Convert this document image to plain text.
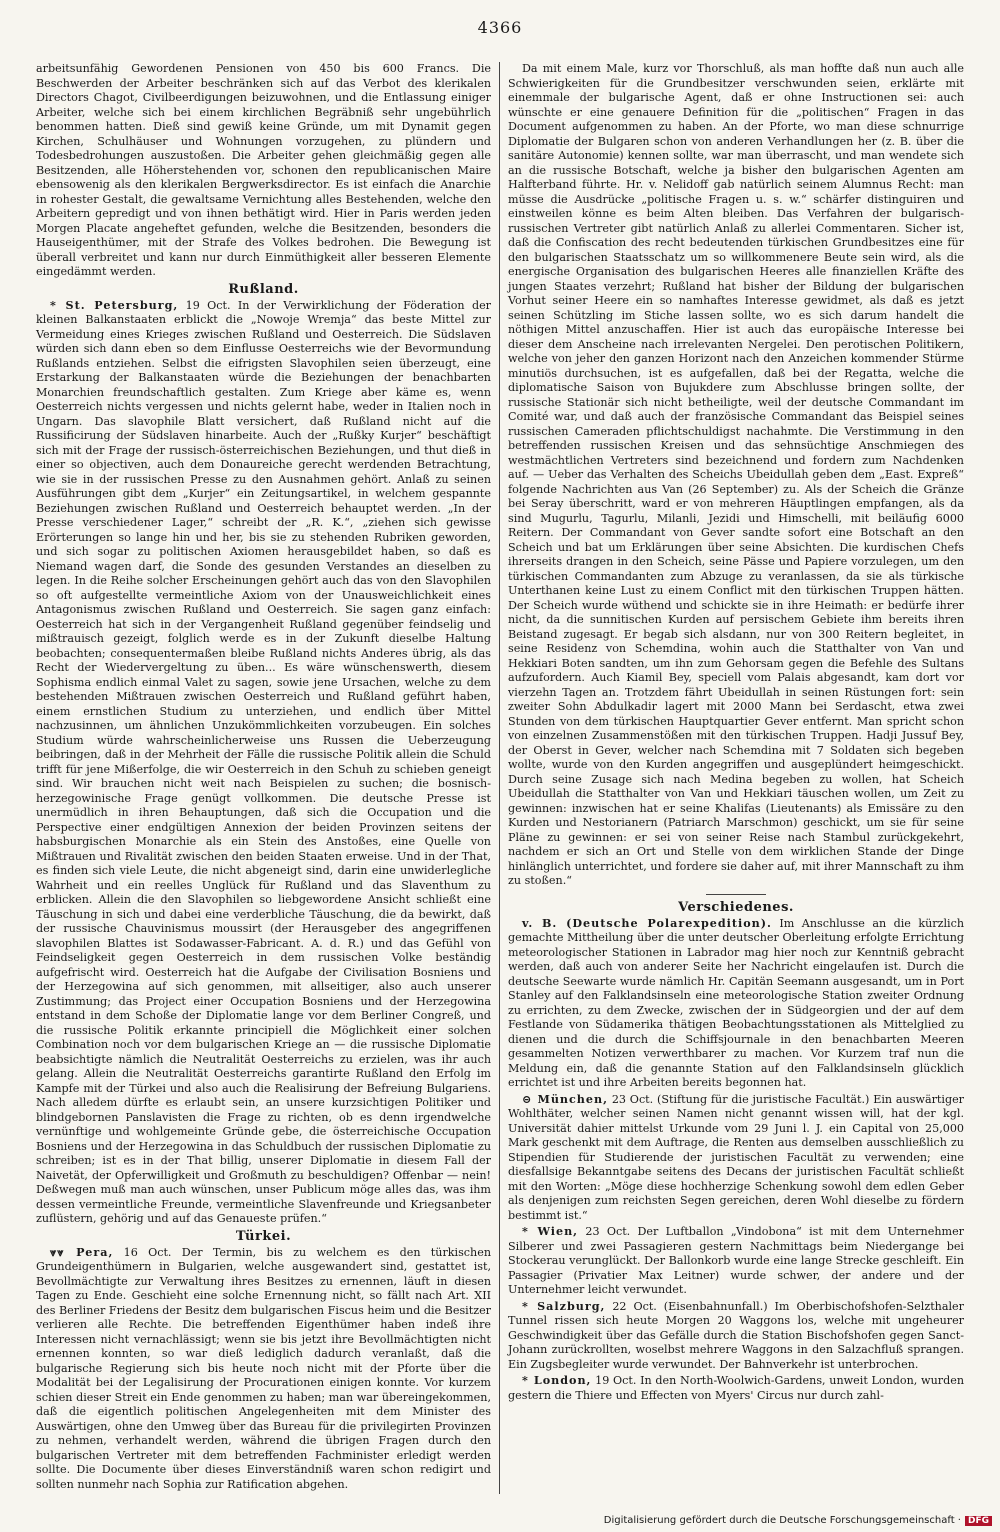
4366

arbeitsunfähig Gewordenen Pensionen von 450 bis 600 Francs. Die Beschwerden der Arbeiter beschränken sich auf das Verbot des klerikalen Directors Chagot, Civilbeerdigungen beizuwohnen, und die Entlassung einiger Arbeiter, welche sich bei einem kirchlichen Begräbniß sehr ungebührlich benommen hatten. Dieß sind gewiß keine Gründe, um mit Dynamit gegen Kirchen, Schulhäuser und Wohnungen vorzugehen, zu plündern und Todesbedrohungen auszustoßen. Die Arbeiter gehen gleichmäßig gegen alle Besitzenden, alle Höherstehenden vor, schonen den republicanischen Maire ebensowenig als den klerikalen Bergwerksdirector. Es ist einfach die Anarchie in rohester Gestalt, die gewaltsame Vernichtung alles Bestehenden, welche den Arbeitern gepredigt und von ihnen bethätigt wird. Hier in Paris werden jeden Morgen Placate angeheftet gefunden, welche die Besitzenden, besonders die Hauseigenthümer, mit der Strafe des Volkes bedrohen. Die Bewegung ist überall verbreitet und kann nur durch Einmüthigkeit aller besseren Elemente eingedämmt werden.

Rußland.

* St. Petersburg, 19 Oct. In der Verwirklichung der Föderation der kleinen Balkanstaaten erblickt die „Nowoje Wremja“ das beste Mittel zur Vermeidung eines Krieges zwischen Rußland und Oesterreich. Die Südslaven würden sich dann eben so dem Einflusse Oesterreichs wie der Bevormundung Rußlands entziehen. Selbst die eifrigsten Slavophilen seien überzeugt, eine Erstarkung der Balkanstaaten würde die Beziehungen der benachbarten Monarchien freundschaftlich gestalten. Zum Kriege aber käme es, wenn Oesterreich nichts vergessen und nichts gelernt habe, weder in Italien noch in Ungarn. Das slavophile Blatt versichert, daß Rußland nicht auf die Russificirung der Südslaven hinarbeite. Auch der „Rußky Kurjer“ beschäftigt sich mit der Frage der russisch-österreichischen Beziehungen, und thut dieß in einer so objectiven, auch dem Donaureiche gerecht werdenden Betrachtung, wie sie in der russischen Presse zu den Ausnahmen gehört. Anlaß zu seinen Ausführungen gibt dem „Kurjer“ ein Zeitungsartikel, in welchem gespannte Beziehungen zwischen Rußland und Oesterreich behauptet werden. „In der Presse verschiedener Lager,“ schreibt der „R. K.“, „ziehen sich gewisse Erörterungen so lange hin und her, bis sie zu stehenden Rubriken geworden, und sich sogar zu politischen Axiomen herausgebildet haben, so daß es Niemand wagen darf, die Sonde des gesunden Verstandes an dieselben zu legen. In die Reihe solcher Erscheinungen gehört auch das von den Slavophilen so oft aufgestellte vermeintliche Axiom von der Unausweichlichkeit eines Antagonismus zwischen Rußland und Oesterreich. Sie sagen ganz einfach: Oesterreich hat sich in der Vergangenheit Rußland gegenüber feindselig und mißtrauisch gezeigt, folglich werde es in der Zukunft dieselbe Haltung beobachten; consequentermaßen bleibe Rußland nichts Anderes übrig, als das Recht der Wiedervergeltung zu üben... Es wäre wünschenswerth, diesem Sophisma endlich einmal Valet zu sagen, sowie jene Ursachen, welche zu dem bestehenden Mißtrauen zwischen Oesterreich und Rußland geführt haben, einem ernstlichen Studium zu unterziehen, und endlich über Mittel nachzusinnen, um ähnlichen Unzukömmlichkeiten vorzubeugen. Ein solches Studium würde wahrscheinlicherweise uns Russen die Ueberzeugung beibringen, daß in der Mehrheit der Fälle die russische Politik allein die Schuld trifft für jene Mißerfolge, die wir Oesterreich in den Schuh zu schieben geneigt sind. Wir brauchen nicht weit nach Beispielen zu suchen; die bosnisch-herzegowinische Frage genügt vollkommen. Die deutsche Presse ist unermüdlich in ihren Behauptungen, daß sich die Occupation und die Perspective einer endgültigen Annexion der beiden Provinzen seitens der habsburgischen Monarchie als ein Stein des Anstoßes, eine Quelle von Mißtrauen und Rivalität zwischen den beiden Staaten erweise. Und in der That, es finden sich viele Leute, die nicht abgeneigt sind, darin eine unwiderlegliche Wahrheit und ein reelles Unglück für Rußland und das Slaventhum zu erblicken. Allein die den Slavophilen so liebgewordene Ansicht schließt eine Täuschung in sich und dabei eine verderbliche Täuschung, die da bewirkt, daß der russische Chauvinismus moussirt (der Herausgeber des angegriffenen slavophilen Blattes ist Sodawasser-Fabricant. A. d. R.) und das Gefühl von Feindseligkeit gegen Oesterreich in dem russischen Volke beständig aufgefrischt wird. Oesterreich hat die Aufgabe der Civilisation Bosniens und der Herzegowina auf sich genommen, mit allseitiger, also auch unserer Zustimmung; das Project einer Occupation Bosniens und der Herzegowina entstand in dem Schoße der Diplomatie lange vor dem Berliner Congreß, und die russische Politik erkannte principiell die Möglichkeit einer solchen Combination noch vor dem bulgarischen Kriege an — die russische Diplomatie beabsichtigte nämlich die Neutralität Oesterreichs zu erzielen, was ihr auch gelang. Allein die Neutralität Oesterreichs garantirte Rußland den Erfolg im Kampfe mit der Türkei und also auch die Realisirung der Befreiung Bulgariens. Nach alledem dürfte es erlaubt sein, an unsere kurzsichtigen Politiker und blindgebornen Panslavisten die Frage zu richten, ob es denn irgendwelche vernünftige und wohlgemeinte Gründe gebe, die österreichische Occupation Bosniens und der Herzegowina in das Schuldbuch der russischen Diplomatie zu schreiben; ist es in der That billig, unserer Diplomatie in diesem Fall der Naivetät, der Opferwilligkeit und Großmuth zu beschuldigen? Offenbar — nein! Deßwegen muß man auch wünschen, unser Publicum möge alles das, was ihm dessen vermeintliche Freunde, vermeintliche Slavenfreunde und Kriegsanbeter zuflüstern, gehörig und auf das Genaueste prüfen.“

Türkei.

⩔⩔ Pera, 16 Oct. Der Termin, bis zu welchem es den türkischen Grundeigenthümern in Bulgarien, welche ausgewandert sind, gestattet ist, Bevollmächtigte zur Verwaltung ihres Besitzes zu ernennen, läuft in diesen Tagen zu Ende. Geschieht eine solche Ernennung nicht, so fällt nach Art. XII des Berliner Friedens der Besitz dem bulgarischen Fiscus heim und die Besitzer verlieren alle Rechte. Die betreffenden Eigenthümer haben indeß ihre Interessen nicht vernachlässigt; wenn sie bis jetzt ihre Bevollmächtigten nicht ernennen konnten, so war dieß lediglich dadurch veranlaßt, daß die bulgarische Regierung sich bis heute noch nicht mit der Pforte über die Modalität bei der Legalisirung der Procurationen einigen konnte. Vor kurzem schien dieser Streit ein Ende genommen zu haben; man war übereingekommen, daß die eigentlich politischen Angelegenheiten mit dem Minister des Auswärtigen, ohne den Umweg über das Bureau für die privilegirten Provinzen zu nehmen, verhandelt werden, während die übrigen Fragen durch den bulgarischen Vertreter mit dem betreffenden Fachminister erledigt werden sollte. Die Documente über dieses Einverständniß waren schon redigirt und sollten nunmehr nach Sophia zur Ratification abgehen.

Da mit einem Male, kurz vor Thorschluß, als man hoffte daß nun auch alle Schwierigkeiten für die Grundbesitzer verschwunden seien, erklärte mit einemmale der bulgarische Agent, daß er ohne Instructionen sei: auch wünschte er eine genauere Definition für die „politischen“ Fragen in das Document aufgenommen zu haben. An der Pforte, wo man diese schnurrige Diplomatie der Bulgaren schon von anderen Verhandlungen her (z. B. über die sanitäre Autonomie) kennen sollte, war man überrascht, und man wendete sich an die russische Botschaft, welche ja bisher den bulgarischen Agenten am Halfterband führte. Hr. v. Nelidoff gab natürlich seinem Alumnus Recht: man müsse die Ausdrücke „politische Fragen u. s. w.“ schärfer distinguiren und einstweilen könne es beim Alten bleiben. Das Verfahren der bulgarisch-russischen Vertreter gibt natürlich Anlaß zu allerlei Commentaren. Sicher ist, daß die Confiscation des recht bedeutenden türkischen Grundbesitzes eine für den bulgarischen Staatsschatz um so willkommenere Beute sein wird, als die energische Organisation des bulgarischen Heeres alle finanziellen Kräfte des jungen Staates verzehrt; Rußland hat bisher der Bildung der bulgarischen Vorhut seiner Heere ein so namhaftes Interesse gewidmet, als daß es jetzt seinen Schützling im Stiche lassen sollte, wo es sich darum handelt die nöthigen Mittel anzuschaffen. Hier ist auch das europäische Interesse bei dieser dem Anscheine nach irrelevanten Nergelei. Den perotischen Politikern, welche von jeher den ganzen Horizont nach den Anzeichen kommender Stürme minutiös durchsuchen, ist es aufgefallen, daß bei der Regatta, welche die diplomatische Saison von Bujukdere zum Abschlusse bringen sollte, der russische Stationär sich nicht betheiligte, weil der deutsche Commandant im Comité war, und daß auch der französische Commandant das Beispiel seines russischen Cameraden pflichtschuldigst nachahmte. Die Verstimmung in den betreffenden russischen Kreisen und das sehnsüchtige Anschmiegen des westmächtlichen Vertreters sind bezeichnend und fordern zum Nachdenken auf. — Ueber das Verhalten des Scheichs Ubeidullah geben dem „East. Expreß“ folgende Nachrichten aus Van (26 September) zu. Als der Scheich die Gränze bei Seray überschritt, ward er von mehreren Häuptlingen empfangen, als da sind Mugurlu, Tagurlu, Milanli, Jezidi und Himschelli, mit beiläufig 6000 Reitern. Der Commandant von Gever sandte sofort eine Botschaft an den Scheich und bat um Erklärungen über seine Absichten. Die kurdischen Chefs ihrerseits drangen in den Scheich, seine Pässe und Papiere vorzulegen, um den türkischen Commandanten zum Abzuge zu veranlassen, da sie als türkische Unterthanen keine Lust zu einem Conflict mit den türkischen Truppen hätten. Der Scheich wurde wüthend und schickte sie in ihre Heimath: er bedürfe ihrer nicht, da die sunnitischen Kurden auf persischem Gebiete ihm bereits ihren Beistand zugesagt. Er begab sich alsdann, nur von 300 Reitern begleitet, in seine Residenz von Schemdina, wohin auch die Statthalter von Van und Hekkiari Boten sandten, um ihn zum Gehorsam gegen die Befehle des Sultans aufzufordern. Auch Kiamil Bey, speciell vom Palais abgesandt, kam dort vor vierzehn Tagen an. Trotzdem fährt Ubeidullah in seinen Rüstungen fort: sein zweiter Sohn Abdulkadir lagert mit 2000 Mann bei Serdascht, etwa zwei Stunden von dem türkischen Hauptquartier Gever entfernt. Man spricht schon von einzelnen Zusammenstößen mit den türkischen Truppen. Hadji Jussuf Bey, der Oberst in Gever, welcher nach Schemdina mit 7 Soldaten sich begeben wollte, wurde von den Kurden angegriffen und ausgeplündert heimgeschickt. Durch seine Zusage sich nach Medina begeben zu wollen, hat Scheich Ubeidullah die Statthalter von Van und Hekkiari täuschen wollen, um Zeit zu gewinnen: inzwischen hat er seine Khalifas (Lieutenants) als Emissäre zu den Kurden und Nestorianern (Patriarch Marschmon) geschickt, um sie für seine Pläne zu gewinnen: er sei von seiner Reise nach Stambul zurückgekehrt, nachdem er sich an Ort und Stelle von dem wirklichen Stande der Dinge hinlänglich unterrichtet, und fordere sie daher auf, mit ihrer Mannschaft zu ihm zu stoßen.“

Verschiedenes.

v. B. (Deutsche Polarexpedition). Im Anschlusse an die kürzlich gemachte Mittheilung über die unter deutscher Oberleitung erfolgte Errichtung meteorologischer Stationen in Labrador mag hier noch zur Kenntniß gebracht werden, daß auch von anderer Seite her Nachricht eingelaufen ist. Durch die deutsche Seewarte wurde nämlich Hr. Capitän Seemann ausgesandt, um in Port Stanley auf den Falklandsinseln eine meteorologische Station zweiter Ordnung zu errichten, zu dem Zwecke, zwischen der in Südgeorgien und der auf dem Festlande von Südamerika thätigen Beobachtungsstationen als Mittelglied zu dienen und die durch die Schiffsjournale in den benachbarten Meeren gesammelten Notizen verwerthbarer zu machen. Vor Kurzem traf nun die Meldung ein, daß die genannte Station auf den Falklandsinseln glücklich errichtet ist und ihre Arbeiten bereits begonnen hat.

⊝ München, 23 Oct. (Stiftung für die juristische Facultät.) Ein auswärtiger Wohlthäter, welcher seinen Namen nicht genannt wissen will, hat der kgl. Universität dahier mittelst Urkunde vom 29 Juni l. J. ein Capital von 25,000 Mark geschenkt mit dem Auftrage, die Renten aus demselben ausschließlich zu Stipendien für Studierende der juristischen Facultät zu verwenden; eine diesfallsige Bekanntgabe seitens des Decans der juristischen Facultät schließt mit den Worten: „Möge diese hochherzige Schenkung sowohl dem edlen Geber als denjenigen zum reichsten Segen gereichen, deren Wohl dieselbe zu fördern bestimmt ist.“

* Wien, 23 Oct. Der Luftballon „Vindobona“ ist mit dem Unternehmer Silberer und zwei Passagieren gestern Nachmittags beim Niedergange bei Stockerau verunglückt. Der Ballonkorb wurde eine lange Strecke geschleift. Ein Passagier (Privatier Max Leitner) wurde schwer, der andere und der Unternehmer leicht verwundet.

* Salzburg, 22 Oct. (Eisenbahnunfall.) Im Oberbischofshofen-Selzthaler Tunnel rissen sich heute Morgen 20 Waggons los, welche mit ungeheurer Geschwindigkeit über das Gefälle durch die Station Bischofshofen gegen Sanct-Johann zurückrollten, woselbst mehrere Waggons in den Salzachfluß sprangen. Ein Zugsbegleiter wurde verwundet. Der Bahnverkehr ist unterbrochen.

* London, 19 Oct. In den North-Woolwich-Gardens, unweit London, wurden gestern die Thiere und Effecten von Myers' Circus nur durch zahl-

Digitalisierung gefördert durch die Deutsche Forschungsgemeinschaft · DFG
